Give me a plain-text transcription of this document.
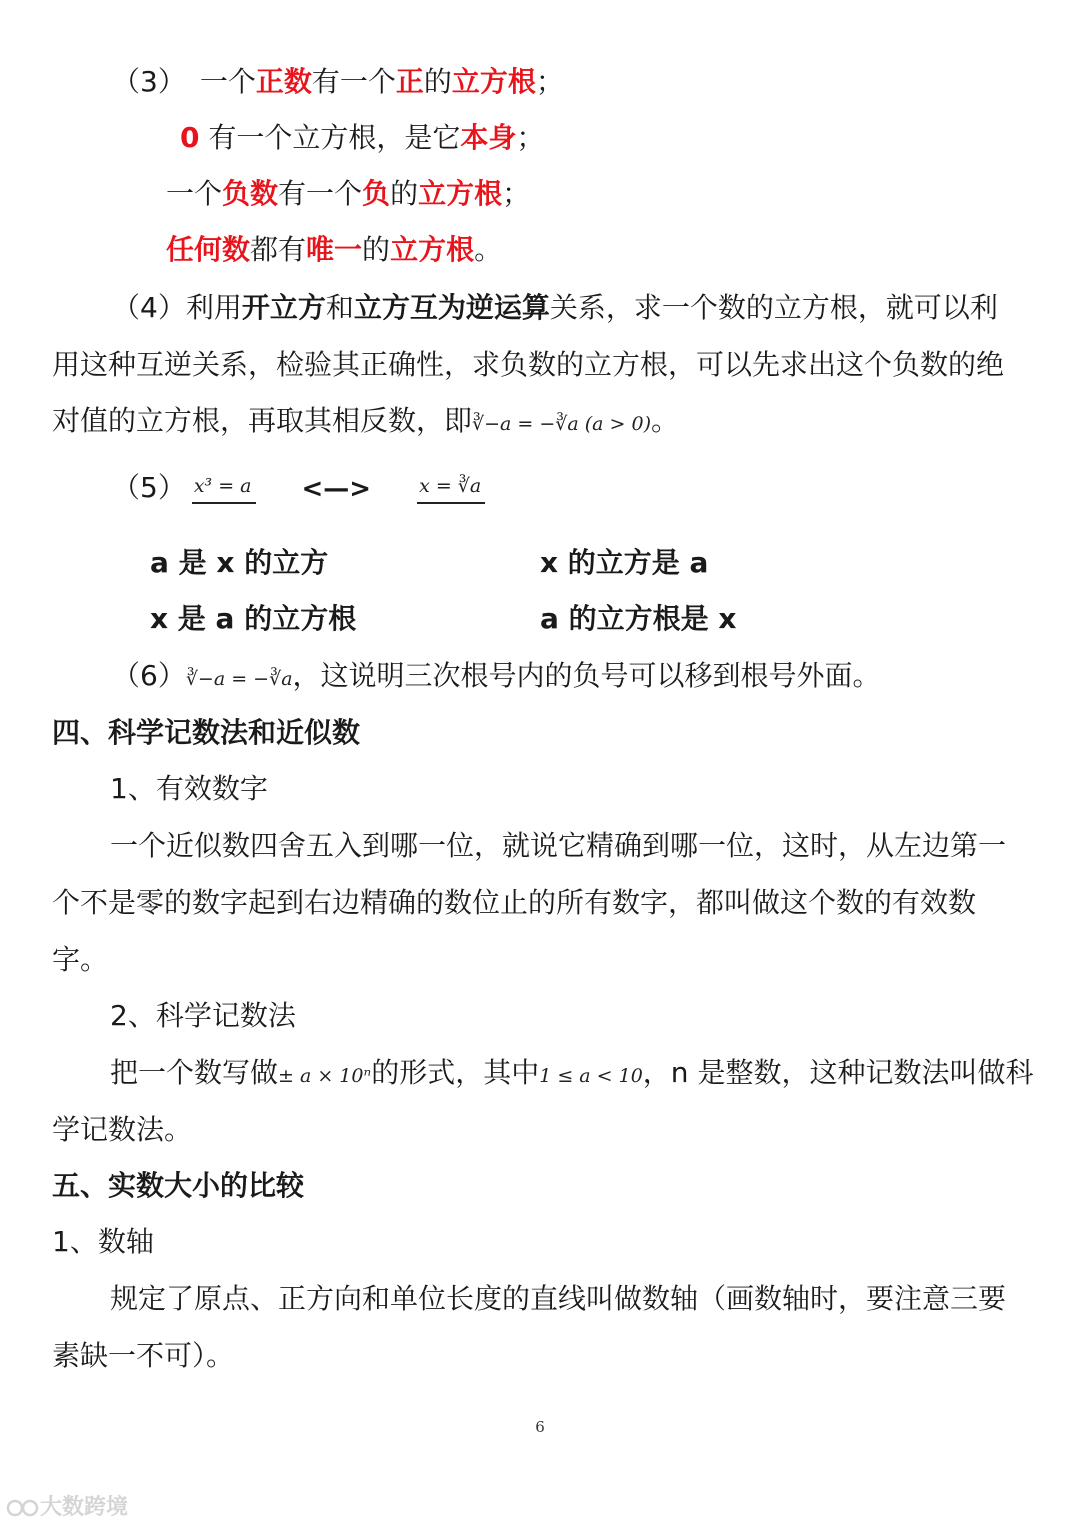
（3） 一个正数有一个正的立方根；
0 有一个立方根，是它本身；
一个负数有一个负的立方根；
任何数都有唯一的立方根。
（4）利用开立方和立方互为逆运算关系，求一个数的立方根，就可以利
用这种互逆关系，检验其正确性，求负数的立方根，可以先求出这个负数的绝
对值的立方根，再取其相反数，即∛−a = −∛a (a > 0)。
（5） x³ = a <—>	x = ∛a
a 是 x 的立方	x 的立方是 a
x 是 a 的立方根	a 的立方根是 x
（6）∛−a = −∛a，这说明三次根号内的负号可以移到根号外面。
四、科学记数法和近似数
1、有效数字
一个近似数四舍五入到哪一位，就说它精确到哪一位，这时，从左边第一
个不是零的数字起到右边精确的数位止的所有数字，都叫做这个数的有效数
字。
2、科学记数法
把一个数写做± a × 10ⁿ的形式，其中1 ≤ a < 10，n 是整数，这种记数法叫做科
学记数法。
五、实数大小的比较
1、数轴
规定了原点、正方向和单位长度的直线叫做数轴（画数轴时，要注意三要
素缺一不可）。
6
大数跨境
